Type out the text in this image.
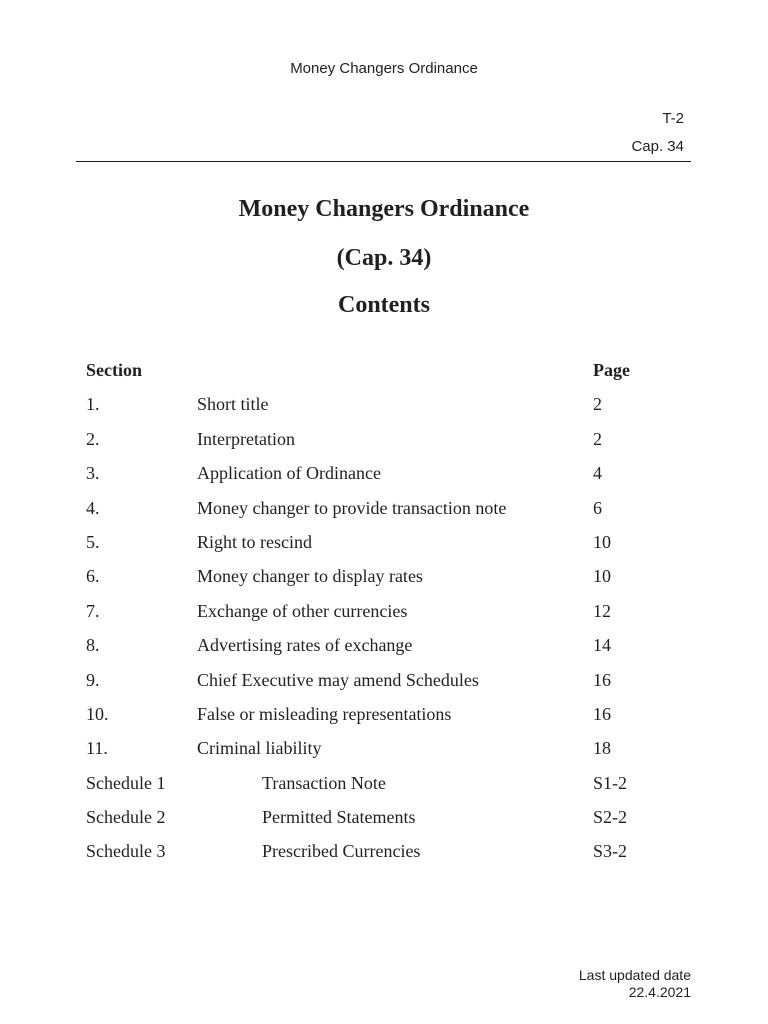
Money Changers Ordinance
T-2
Cap. 34
Money Changers Ordinance
(Cap. 34)
Contents
Section	Page
1.	Short title	2
2.	Interpretation	2
3.	Application of Ordinance	4
4.	Money changer to provide transaction note	6
5.	Right to rescind	10
6.	Money changer to display rates	10
7.	Exchange of other currencies	12
8.	Advertising rates of exchange	14
9.	Chief Executive may amend Schedules	16
10.	False or misleading representations	16
11.	Criminal liability	18
Schedule 1	Transaction Note	S1-2
Schedule 2	Permitted Statements	S2-2
Schedule 3	Prescribed Currencies	S3-2
Last updated date
22.4.2021
